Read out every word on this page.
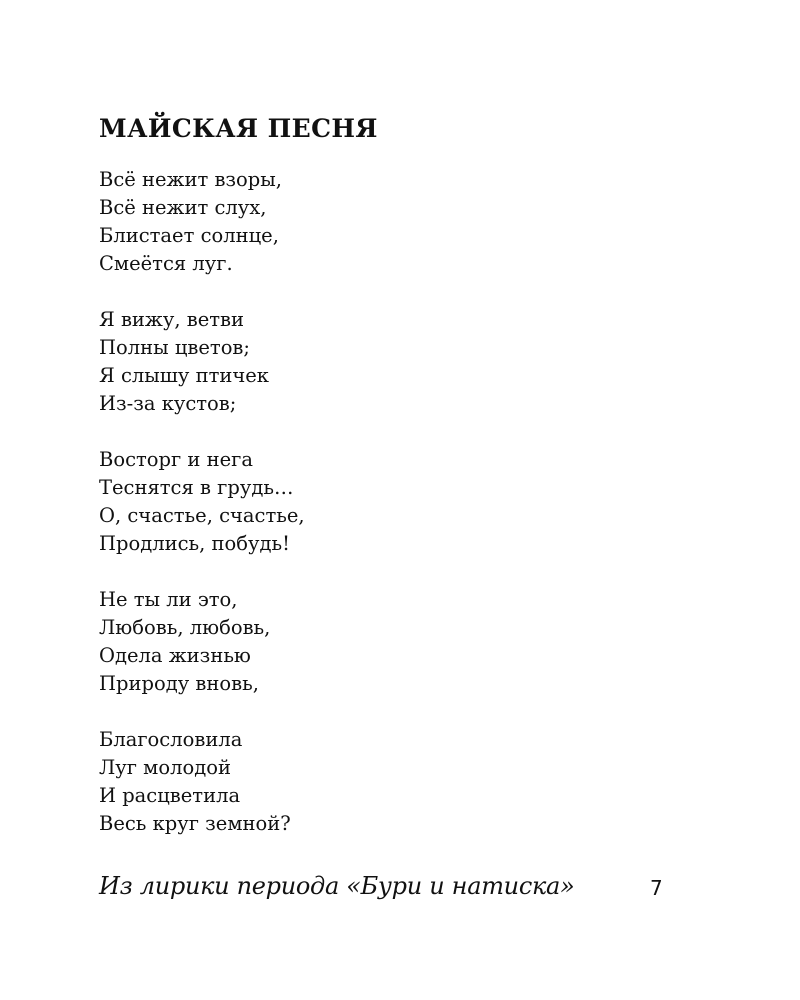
МАЙСКАЯ ПЕСНЯ
Всё нежит взоры,
Всё нежит слух,
Блистает солнце,
Смеётся луг.
Я вижу, ветви
Полны цветов;
Я слышу птичек
Из-за кустов;
Восторг и нега
Теснятся в грудь…
О, счастье, счастье,
Продлись, побудь!
Не ты ли это,
Любовь, любовь,
Одела жизнью
Природу вновь,
Благословила
Луг молодой
И расцветила
Весь круг земной?
Из лирики периода «Бури и натиска»	7
